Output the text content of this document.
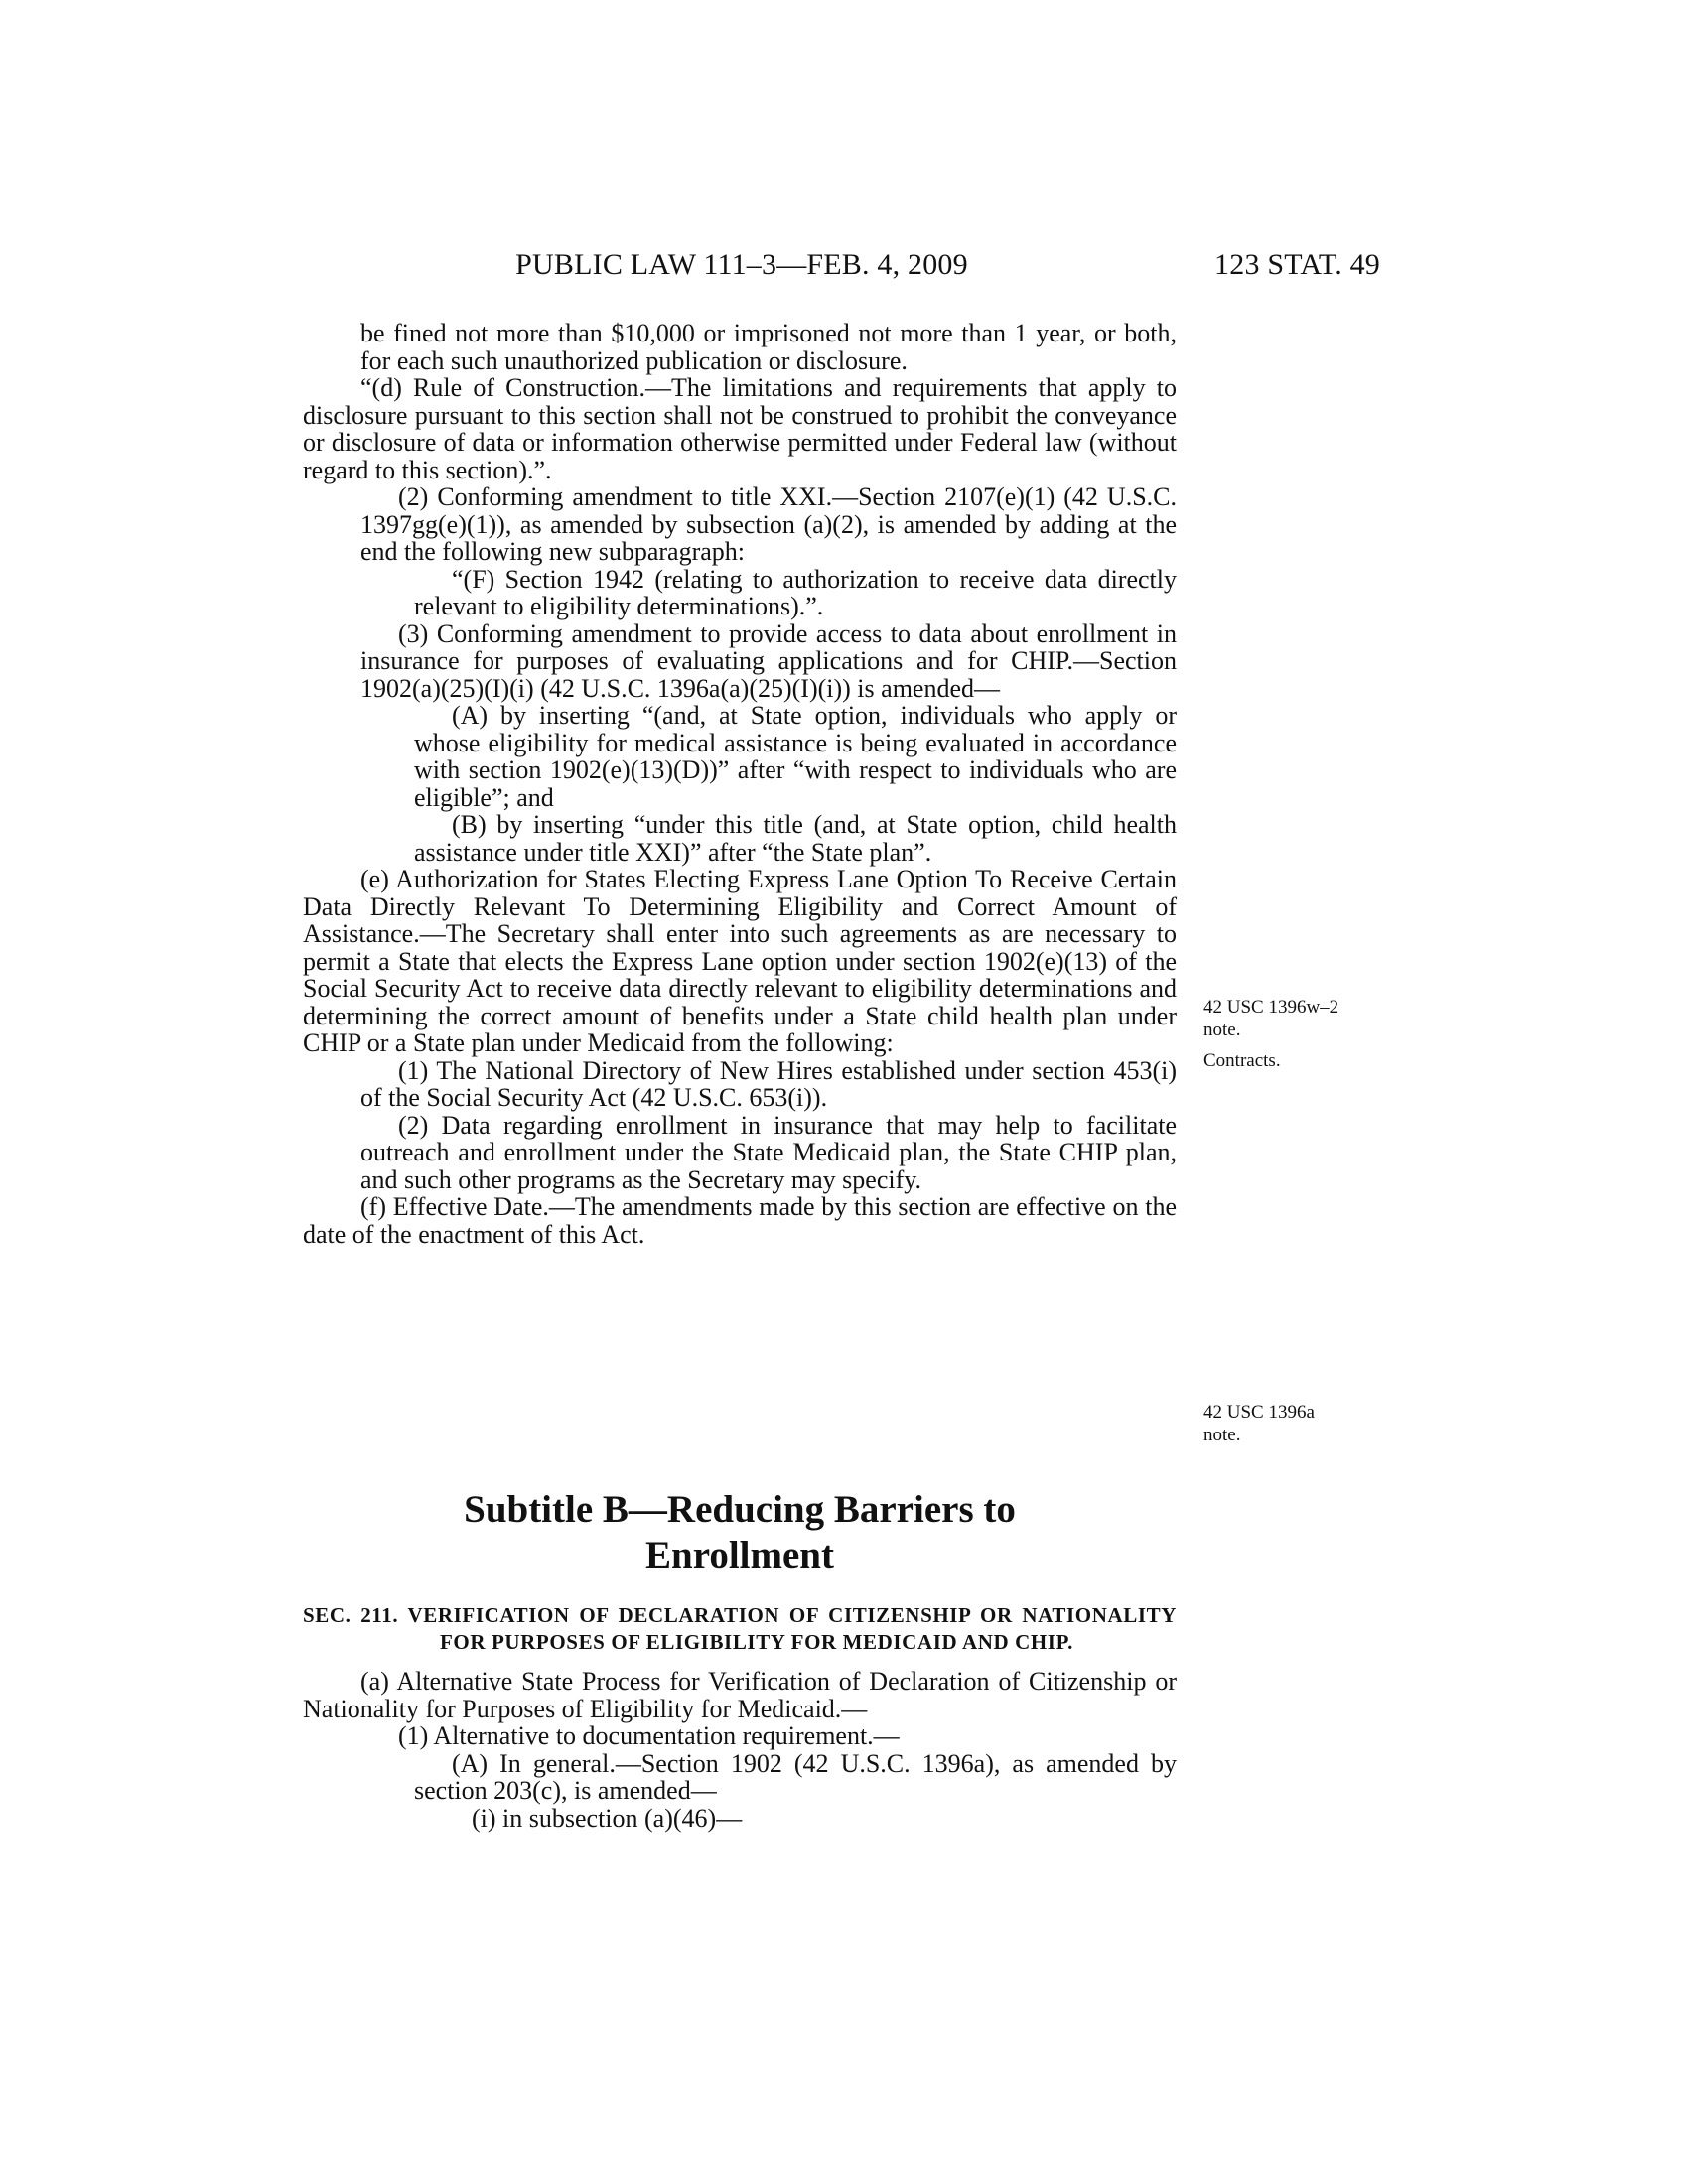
PUBLIC LAW 111–3—FEB. 4, 2009	123 STAT. 49

be fined not more than $10,000 or imprisoned not more than 1 year, or both, for each such unauthorized publication or disclosure.

“(d) Rule of Construction.—The limitations and requirements that apply to disclosure pursuant to this section shall not be construed to prohibit the conveyance or disclosure of data or information otherwise permitted under Federal law (without regard to this section).”.

(2) Conforming amendment to title XXI.—Section 2107(e)(1) (42 U.S.C. 1397gg(e)(1)), as amended by subsection (a)(2), is amended by adding at the end the following new subparagraph:

“(F) Section 1942 (relating to authorization to receive data directly relevant to eligibility determinations).”.

(3) Conforming amendment to provide access to data about enrollment in insurance for purposes of evaluating applications and for CHIP.—Section 1902(a)(25)(I)(i) (42 U.S.C. 1396a(a)(25)(I)(i)) is amended—

(A) by inserting “(and, at State option, individuals who apply or whose eligibility for medical assistance is being evaluated in accordance with section 1902(e)(13)(D))” after “with respect to individuals who are eligible”; and

(B) by inserting “under this title (and, at State option, child health assistance under title XXI)” after “the State plan”.

(e) Authorization for States Electing Express Lane Option To Receive Certain Data Directly Relevant To Determining Eligibility and Correct Amount of Assistance.—The Secretary shall enter into such agreements as are necessary to permit a State that elects the Express Lane option under section 1902(e)(13) of the Social Security Act to receive data directly relevant to eligibility determinations and determining the correct amount of benefits under a State child health plan under CHIP or a State plan under Medicaid from the following:

(1) The National Directory of New Hires established under section 453(i) of the Social Security Act (42 U.S.C. 653(i)).

(2) Data regarding enrollment in insurance that may help to facilitate outreach and enrollment under the State Medicaid plan, the State CHIP plan, and such other programs as the Secretary may specify.

(f) Effective Date.—The amendments made by this section are effective on the date of the enactment of this Act.

42 USC 1396w–2
note.
Contracts.
42 USC 1396a
note.
Subtitle B—Reducing Barriers to
Enrollment

SEC. 211. VERIFICATION OF DECLARATION OF CITIZENSHIP OR NATIONALITY FOR PURPOSES OF ELIGIBILITY FOR MEDICAID AND CHIP.

(a) Alternative State Process for Verification of Declaration of Citizenship or Nationality for Purposes of Eligibility for Medicaid.—

(1) Alternative to documentation requirement.—

(A) In general.—Section 1902 (42 U.S.C. 1396a), as amended by section 203(c), is amended—

(i) in subsection (a)(46)—
